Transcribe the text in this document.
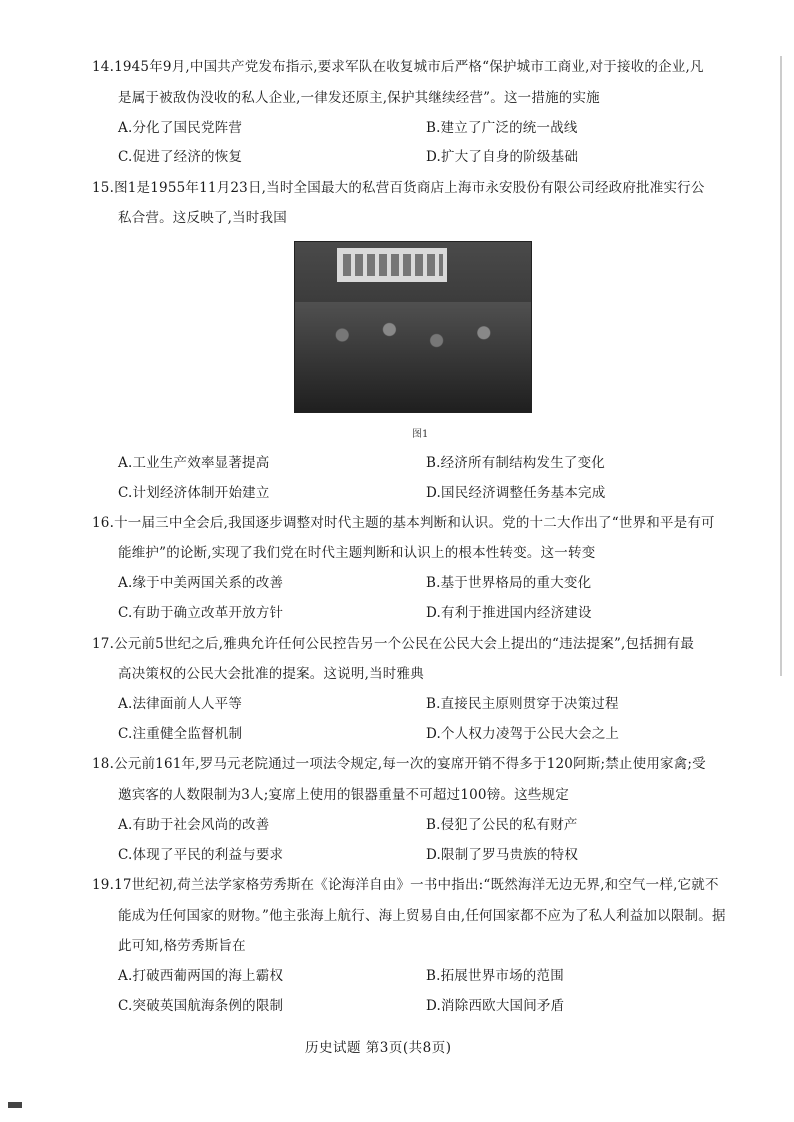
14.1945年9月,中国共产党发布指示,要求军队在收复城市后严格“保护城市工商业,对于接收的企业,凡
是属于被敌伪没收的私人企业,一律发还原主,保护其继续经营”。这一措施的实施
A.分化了国民党阵营	B.建立了广泛的统一战线
C.促进了经济的恢复	D.扩大了自身的阶级基础
15.图1是1955年11月23日,当时全国最大的私营百货商店上海市永安股份有限公司经政府批准实行公
私合营。这反映了,当时我国
图1
A.工业生产效率显著提高	B.经济所有制结构发生了变化
C.计划经济体制开始建立	D.国民经济调整任务基本完成
16.十一届三中全会后,我国逐步调整对时代主题的基本判断和认识。党的十二大作出了“世界和平是有可
能维护”的论断,实现了我们党在时代主题判断和认识上的根本性转变。这一转变
A.缘于中美两国关系的改善	B.基于世界格局的重大变化
C.有助于确立改革开放方针	D.有利于推进国内经济建设
17.公元前5世纪之后,雅典允许任何公民控告另一个公民在公民大会上提出的“违法提案”,包括拥有最
高决策权的公民大会批准的提案。这说明,当时雅典
A.法律面前人人平等	B.直接民主原则贯穿于决策过程
C.注重健全监督机制	D.个人权力凌驾于公民大会之上
18.公元前161年,罗马元老院通过一项法令规定,每一次的宴席开销不得多于120阿斯;禁止使用家禽;受
邀宾客的人数限制为3人;宴席上使用的银器重量不可超过100镑。这些规定
A.有助于社会风尚的改善	B.侵犯了公民的私有财产
C.体现了平民的利益与要求	D.限制了罗马贵族的特权
19.17世纪初,荷兰法学家格劳秀斯在《论海洋自由》一书中指出:“既然海洋无边无界,和空气一样,它就不
能成为任何国家的财物。”他主张海上航行、海上贸易自由,任何国家都不应为了私人利益加以限制。据
此可知,格劳秀斯旨在
A.打破西葡两国的海上霸权	B.拓展世界市场的范围
C.突破英国航海条例的限制	D.消除西欧大国间矛盾
历史试题 第3页(共8页)
